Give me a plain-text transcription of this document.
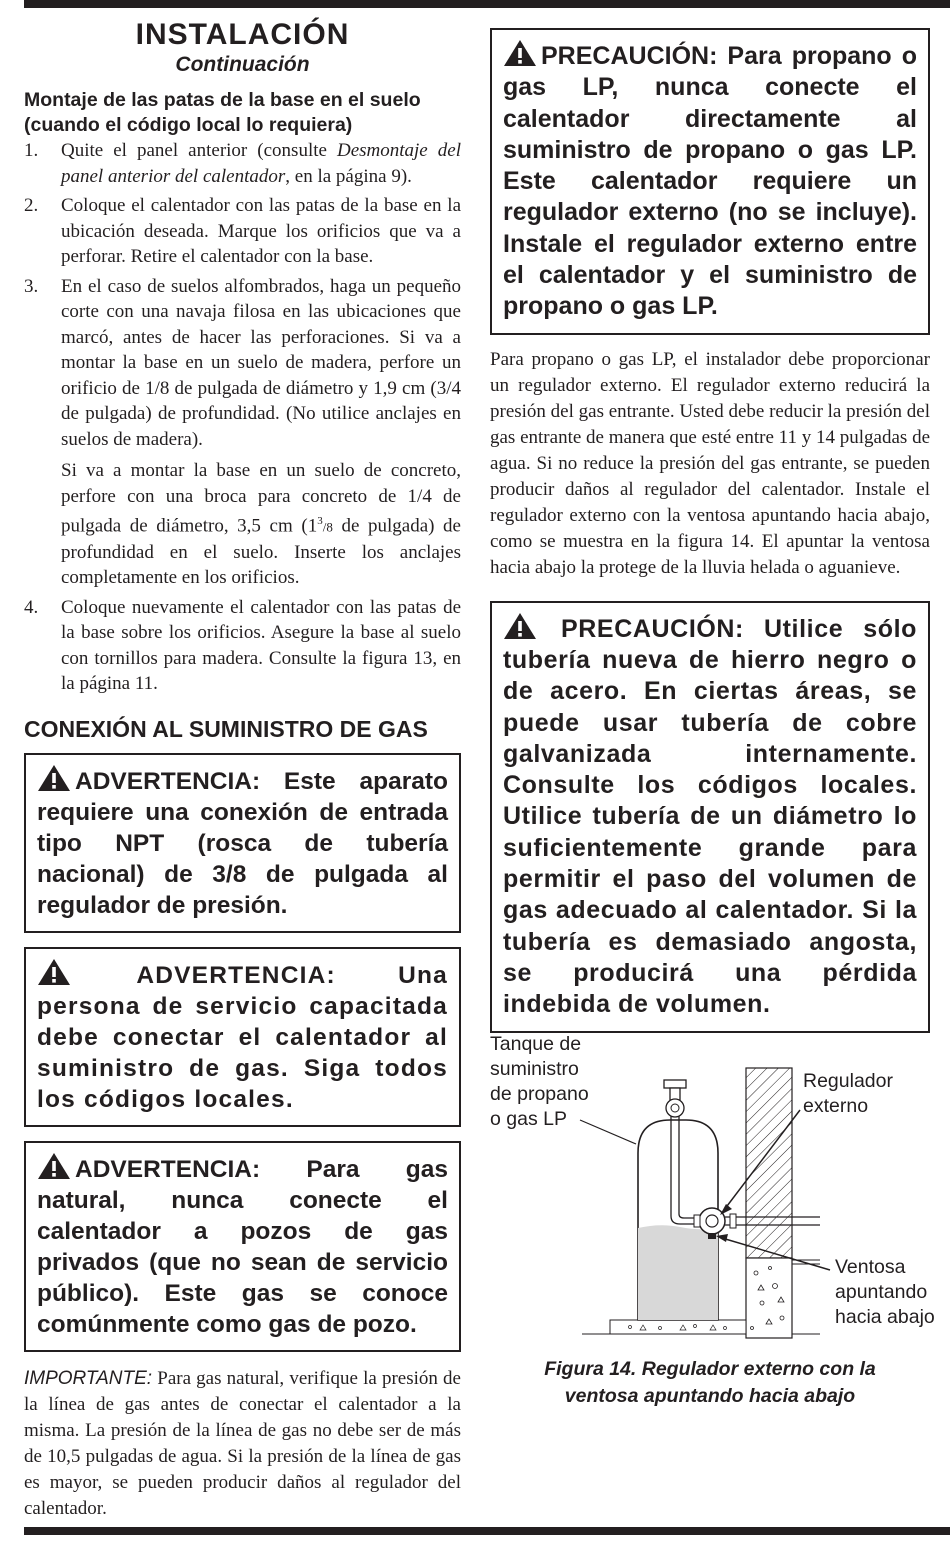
INSTALACIÓN
Continuación
Montaje de las patas de la base en el suelo (cuando el código local lo requiera)
1. Quite el panel anterior (consulte Desmontaje del panel anterior del calentador, en la página 9).

2. Coloque el calentador con las patas de la base en la ubicación deseada. Marque los orificios que va a perforar. Retire el calentador con la base.

3. En el caso de suelos alfombrados, haga un pequeño corte con una navaja filosa en las ubicaciones que marcó, antes de hacer las perforaciones. Si va a montar la base en un suelo de madera, perfore un orificio de 1/8 de pulgada de diámetro y 1,9 cm (3/4 de pulgada) de profundidad. (No utilice anclajes en suelos de madera).

Si va a montar la base en un suelo de concreto, perfore con una broca para concreto de 1/4 de pulgada de diámetro, 3,5 cm ($1^3/8$ de pulgada) de profundidad en el suelo. Inserte los anclajes completamente en los orificios.

4. Coloque nuevamente el calentador con las patas de la base sobre los orificios. Asegure la base al suelo con tornillos para madera. Consulte la figura 13, en la página 11.

CONEXIÓN AL SUMINISTRO DE GAS
ADVERTENCIA: Este aparato requiere una conexión de entrada tipo NPT (rosca de tubería nacional) de 3/8 de pulgada al regulador de presión.
ADVERTENCIA: Una persona de servicio capacitada debe conectar el calentador al suministro de gas. Siga todos los códigos locales.
ADVERTENCIA: Para gas natural, nunca conecte el calentador a pozos de gas privados (que no sean de servicio público). Este gas se conoce comúnmente como gas de pozo.

IMPORTANTE: Para gas natural, verifique la presión de la línea de gas antes de conectar el calentador a la misma. La presión de la línea de gas no debe ser de más de 10,5 pulgadas de agua. Si la presión de la línea de gas es mayor, se pueden producir daños al regulador del calentador.

PRECAUCIÓN: Para propano o gas LP, nunca conecte el calentador directamente al suministro de propano o gas LP. Este calentador requiere un regulador externo (no se incluye). Instale el regulador externo entre el calentador y el suministro de propano o gas LP.

Para propano o gas LP, el instalador debe proporcionar un regulador externo. El regulador externo reducirá la presión del gas entrante. Usted debe reducir la presión del gas entrante de manera que esté entre 11 y 14 pulgadas de agua. Si no reduce la presión del gas entrante, se pueden producir daños al regulador del calentador. Instale el regulador externo con la ventosa apuntando hacia abajo, como se muestra en la figura 14. El apuntar la ventosa hacia abajo la protege de la lluvia helada o aguanieve.

PRECAUCIÓN: Utilice sólo tubería nueva de hierro negro o de acero. En ciertas áreas, se puede usar tubería de cobre galvanizada internamente. Consulte los códigos locales. Utilice tubería de un diámetro lo suficientemente grande para permitir el paso del volumen de gas adecuado al calentador. Si la tubería es demasiado angosta, se producirá una pérdida indebida de volumen.
Tanque de
suministro
de propano
o gas LP
Regulador
externo
Ventosa
apuntando
hacia abajo
Figura 14. Regulador externo con la
ventosa apuntando hacia abajo
